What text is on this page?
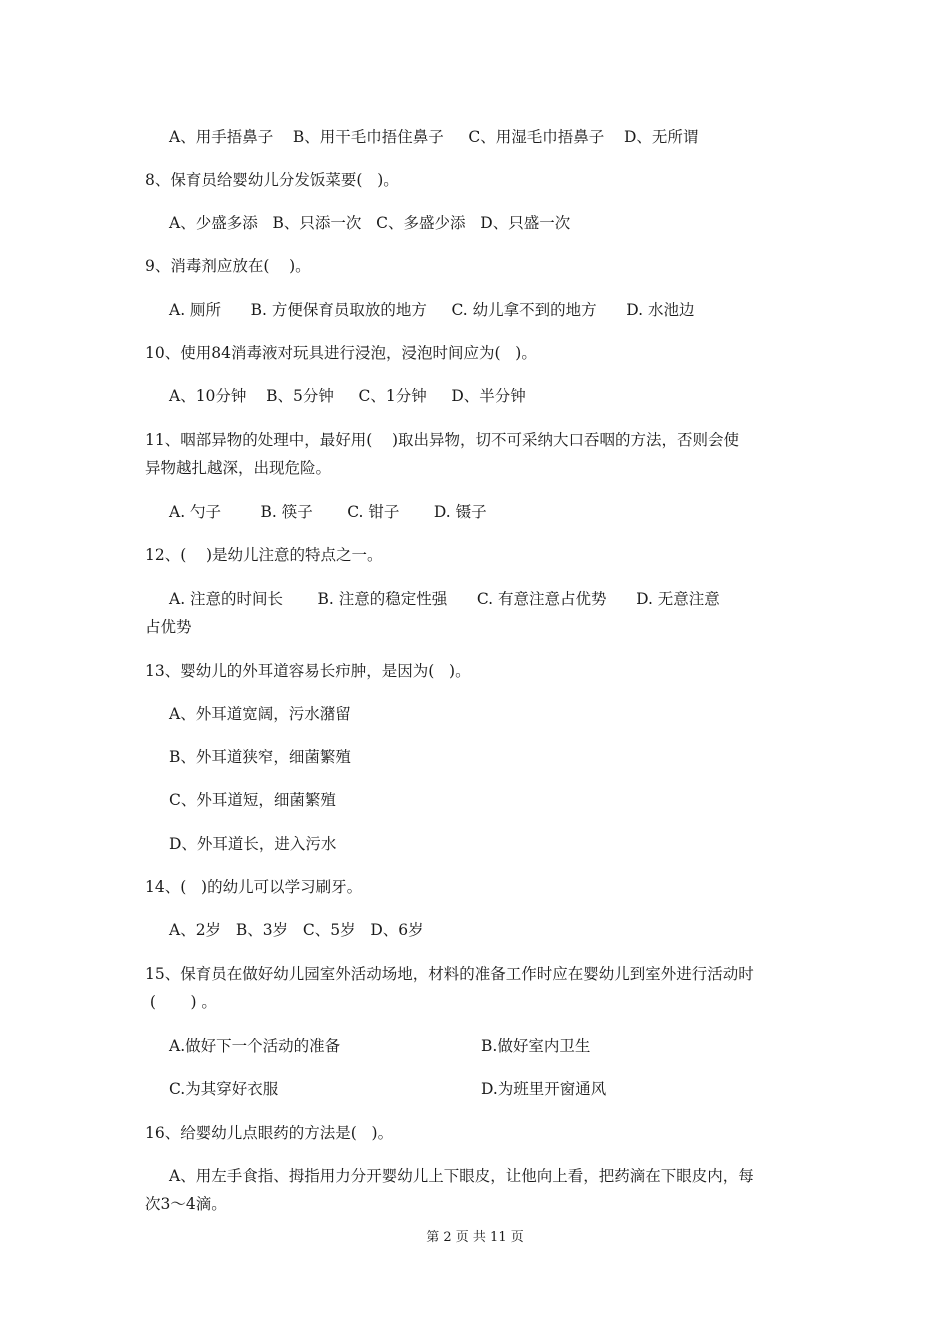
A、用手捂鼻子    B、用干毛巾捂住鼻子     C、用湿毛巾捂鼻子    D、无所谓

8、保育员给婴幼儿分发饭菜要(   )。

A、少盛多添   B、只添一次   C、多盛少添   D、只盛一次

9、消毒剂应放在(    )。

A. 厕所      B. 方便保育员取放的地方     C. 幼儿拿不到的地方      D. 水池边

10、使用84消毒液对玩具进行浸泡，浸泡时间应为(   )。

A、10分钟    B、5分钟     C、1分钟     D、半分钟

11、咽部异物的处理中，最好用(    )取出异物，切不可采纳大口吞咽的方法，否则会使

异物越扎越深，出现危险。

A. 勺子        B. 筷子       C. 钳子       D. 镊子

12、(    )是幼儿注意的特点之一。

A. 注意的时间长       B. 注意的稳定性强      C. 有意注意占优势      D. 无意注意

占优势

13、婴幼儿的外耳道容易长疖肿，是因为(   )。

A、外耳道宽阔，污水潴留

B、外耳道狭窄，细菌繁殖

C、外耳道短，细菌繁殖

D、外耳道长，进入污水

14、(   )的幼儿可以学习刷牙。

A、2岁   B、3岁   C、5岁   D、6岁

15、保育员在做好幼儿园室外活动场地，材料的准备工作时应在婴幼儿到室外进行活动时

(       ) 。

A.做好下一个活动的准备	B.做好室内卫生

C.为其穿好衣服	D.为班里开窗通风

16、给婴幼儿点眼药的方法是(   )。

A、用左手食指、拇指用力分开婴幼儿上下眼皮，让他向上看，把药滴在下眼皮内，每

次3～4滴。

第 2 页 共 11 页
